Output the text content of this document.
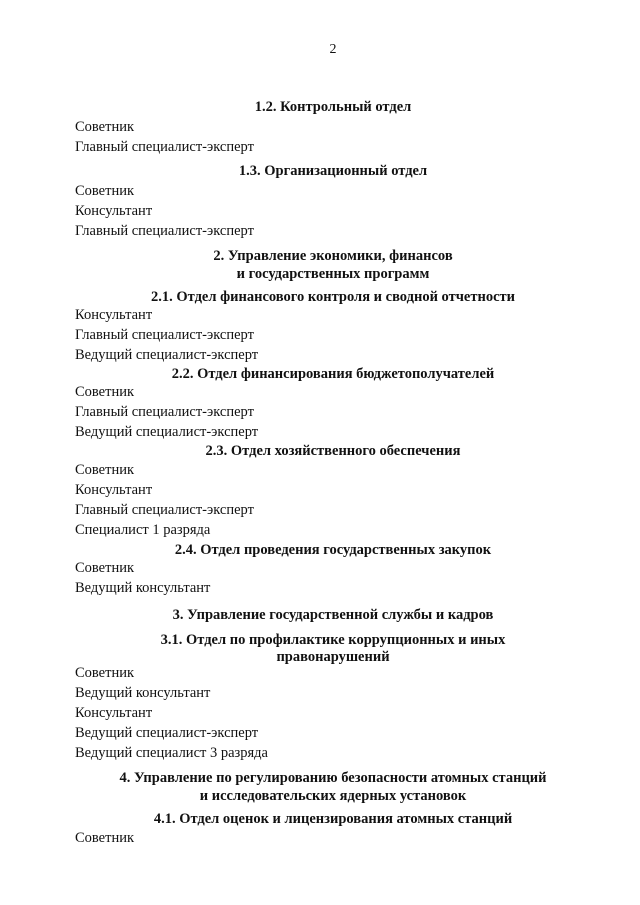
2
1.2. Контрольный отдел
Советник
Главный специалист-эксперт
1.3. Организационный отдел
Советник
Консультант
Главный специалист-эксперт
2. Управление экономики, финансов
и государственных программ
2.1. Отдел финансового контроля и сводной отчетности
Консультант
Главный специалист-эксперт
Ведущий специалист-эксперт
2.2. Отдел финансирования бюджетополучателей
Советник
Главный специалист-эксперт
Ведущий специалист-эксперт
2.3. Отдел хозяйственного обеспечения
Советник
Консультант
Главный специалист-эксперт
Специалист 1 разряда
2.4. Отдел проведения государственных закупок
Советник
Ведущий консультант
3. Управление государственной службы и кадров
3.1. Отдел по профилактике коррупционных и иных
правонарушений
Советник
Ведущий консультант
Консультант
Ведущий специалист-эксперт
Ведущий специалист 3 разряда
4. Управление по регулированию безопасности атомных станций
и исследовательских ядерных установок
4.1. Отдел оценок и лицензирования атомных станций
Советник
